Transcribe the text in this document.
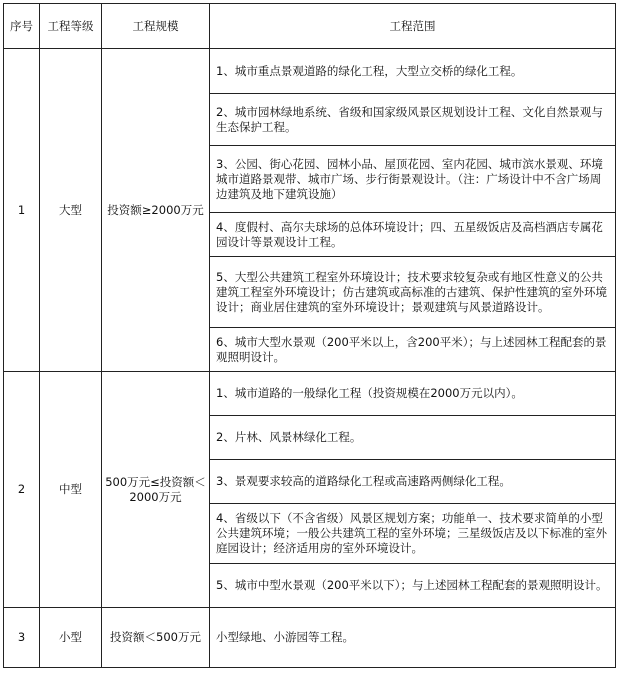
序号	工程等级	工程规模	工程范围
1	大型	投资额≥2000万元	1、城市重点景观道路的绿化工程，大型立交桥的绿化工程。
			2、城市园林绿地系统、省级和国家级风景区规划设计工程、文化自然景观与生态保护工程。
			3、公园、街心花园、园林小品、屋顶花园、室内花园、城市滨水景观、环境城市道路景观带、城市广场、步行街景观设计。（注：广场设计中不含广场周边建筑及地下建筑设施）
			4、度假村、高尔夫球场的总体环境设计；四、五星级饭店及高档酒店专属花园设计等景观设计工程。
			5、大型公共建筑工程室外环境设计；技术要求较复杂或有地区性意义的公共建筑工程室外环境设计；仿古建筑或高标准的古建筑、保护性建筑的室外环境设计；商业居住建筑的室外环境设计；景观建筑与风景道路设计。
			6、城市大型水景观（200平米以上，含200平米）；与上述园林工程配套的景观照明设计。
2	中型	500万元≤投资额＜2000万元	1、城市道路的一般绿化工程（投资规模在2000万元以内）。
			2、片林、风景林绿化工程。
			3、景观要求较高的道路绿化工程或高速路两侧绿化工程。
			4、省级以下（不含省级）风景区规划方案；功能单一、技术要求简单的小型公共建筑环境；一般公共建筑工程的室外环境；三星级饭店及以下标准的室外庭园设计；经济适用房的室外环境设计。
			5、城市中型水景观（200平米以下）；与上述园林工程配套的景观照明设计。
3	小型	投资额＜500万元	小型绿地、小游园等工程。
